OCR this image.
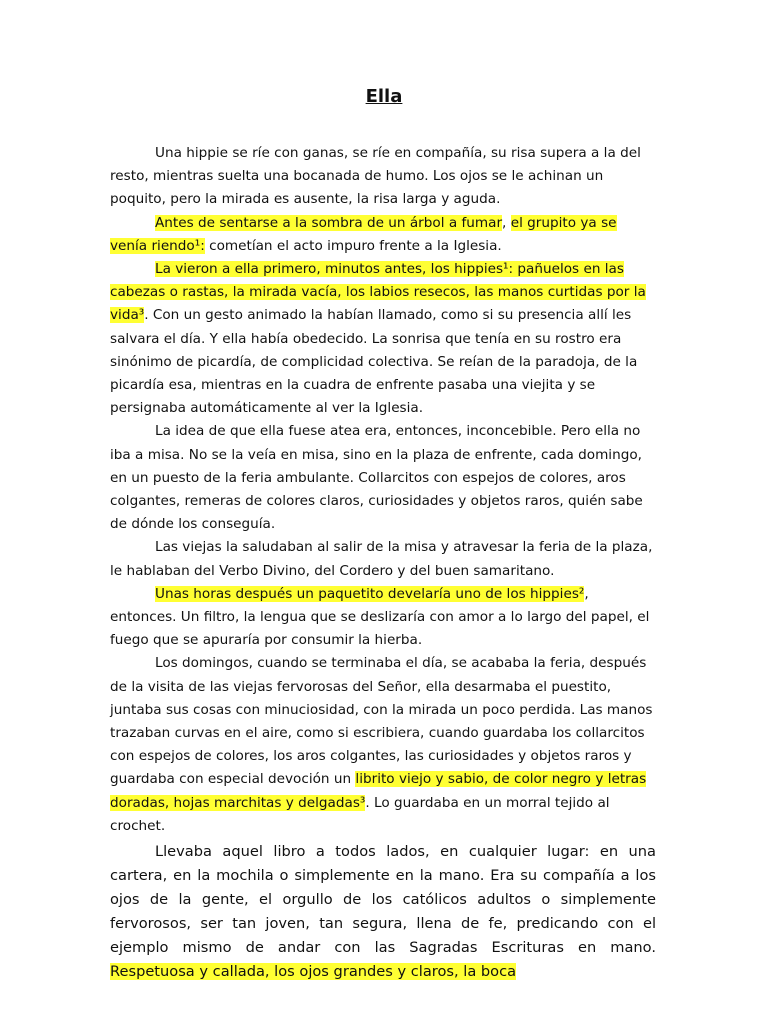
Ella

Una hippie se ríe con ganas, se ríe en compañía, su risa supera a la del resto, mientras suelta una bocanada de humo. Los ojos se le achinan un poquito, pero la mirada es ausente, la risa larga y aguda.

Antes de sentarse a la sombra de un árbol a fumar, el grupito ya se venía riendo¹: cometían el acto impuro frente a la Iglesia.

La vieron a ella primero, minutos antes, los hippies¹: pañuelos en las cabezas o rastas, la mirada vacía, los labios resecos, las manos curtidas por la vida³. Con un gesto animado la habían llamado, como si su presencia allí les salvara el día. Y ella había obedecido. La sonrisa que tenía en su rostro era sinónimo de picardía, de complicidad colectiva. Se reían de la paradoja, de la picardía esa, mientras en la cuadra de enfrente pasaba una viejita y se persignaba automáticamente al ver la Iglesia.

La idea de que ella fuese atea era, entonces, inconcebible. Pero ella no iba a misa. No se la veía en misa, sino en la plaza de enfrente, cada domingo, en un puesto de la feria ambulante. Collarcitos con espejos de colores, aros colgantes, remeras de colores claros, curiosidades y objetos raros, quién sabe de dónde los conseguía.

Las viejas la saludaban al salir de la misa y atravesar la feria de la plaza, le hablaban del Verbo Divino, del Cordero y del buen samaritano.

Unas horas después un paquetito develaría uno de los hippies², entonces. Un filtro, la lengua que se deslizaría con amor a lo largo del papel, el fuego que se apuraría por consumir la hierba.

Los domingos, cuando se terminaba el día, se acababa la feria, después de la visita de las viejas fervorosas del Señor, ella desarmaba el puestito, juntaba sus cosas con minuciosidad, con la mirada un poco perdida. Las manos trazaban curvas en el aire, como si escribiera, cuando guardaba los collarcitos con espejos de colores, los aros colgantes, las curiosidades y objetos raros y guardaba con especial devoción un librito viejo y sabio, de color negro y letras doradas, hojas marchitas y delgadas³. Lo guardaba en un morral tejido al crochet.

Llevaba aquel libro a todos lados, en cualquier lugar: en una cartera, en la mochila o simplemente en la mano. Era su compañía a los ojos de la gente, el orgullo de los católicos adultos o simplemente fervorosos, ser tan joven, tan segura, llena de fe, predicando con el ejemplo mismo de andar con las Sagradas Escrituras en mano. Respetuosa y callada, los ojos grandes y claros, la boca
